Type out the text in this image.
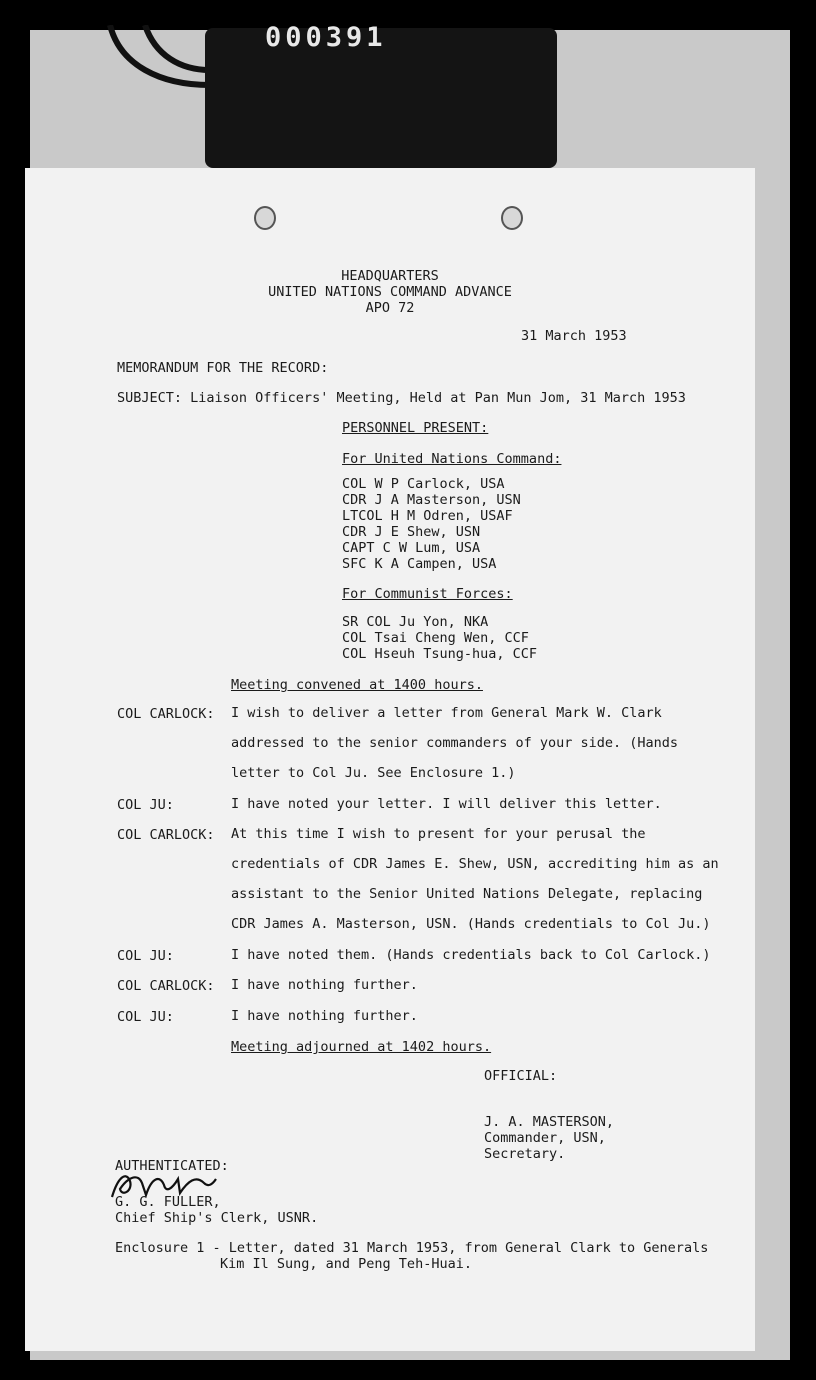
000391
HEADQUARTERS
UNITED NATIONS COMMAND ADVANCE
APO 72
31 March 1953
MEMORANDUM FOR THE RECORD:
SUBJECT: Liaison Officers' Meeting, Held at Pan Mun Jom, 31 March 1953
PERSONNEL PRESENT:
For United Nations Command:
COL W P Carlock, USA
CDR J A Masterson, USN
LTCOL H M Odren, USAF
CDR J E Shew, USN
CAPT C W Lum, USA
SFC K A Campen, USA
For Communist Forces:
SR COL Ju Yon, NKA
COL Tsai Cheng Wen, CCF
COL Hseuh Tsung-hua, CCF
Meeting convened at 1400 hours.
COL CARLOCK: I wish to deliver a letter from General Mark W. Clark addressed to the senior commanders of your side. (Hands letter to Col Ju. See Enclosure 1.)
COL JU:	I have noted your letter. I will deliver this letter.
COL CARLOCK: At this time I wish to present for your perusal the credentials of CDR James E. Shew, USN, accrediting him as an assistant to the Senior United Nations Delegate, replacing CDR James A. Masterson, USN. (Hands credentials to Col Ju.)
COL JU:	I have noted them. (Hands credentials back to Col Carlock.)
COL CARLOCK: I have nothing further.
COL JU:	I have nothing further.
Meeting adjourned at 1402 hours.
OFFICIAL:
J. A. MASTERSON,
Commander, USN,
Secretary.
AUTHENTICATED:
G. G. FULLER,
Chief Ship's Clerk, USNR.
Enclosure 1 - Letter, dated 31 March 1953, from General Clark to Generals
Kim Il Sung, and Peng Teh-Huai.
